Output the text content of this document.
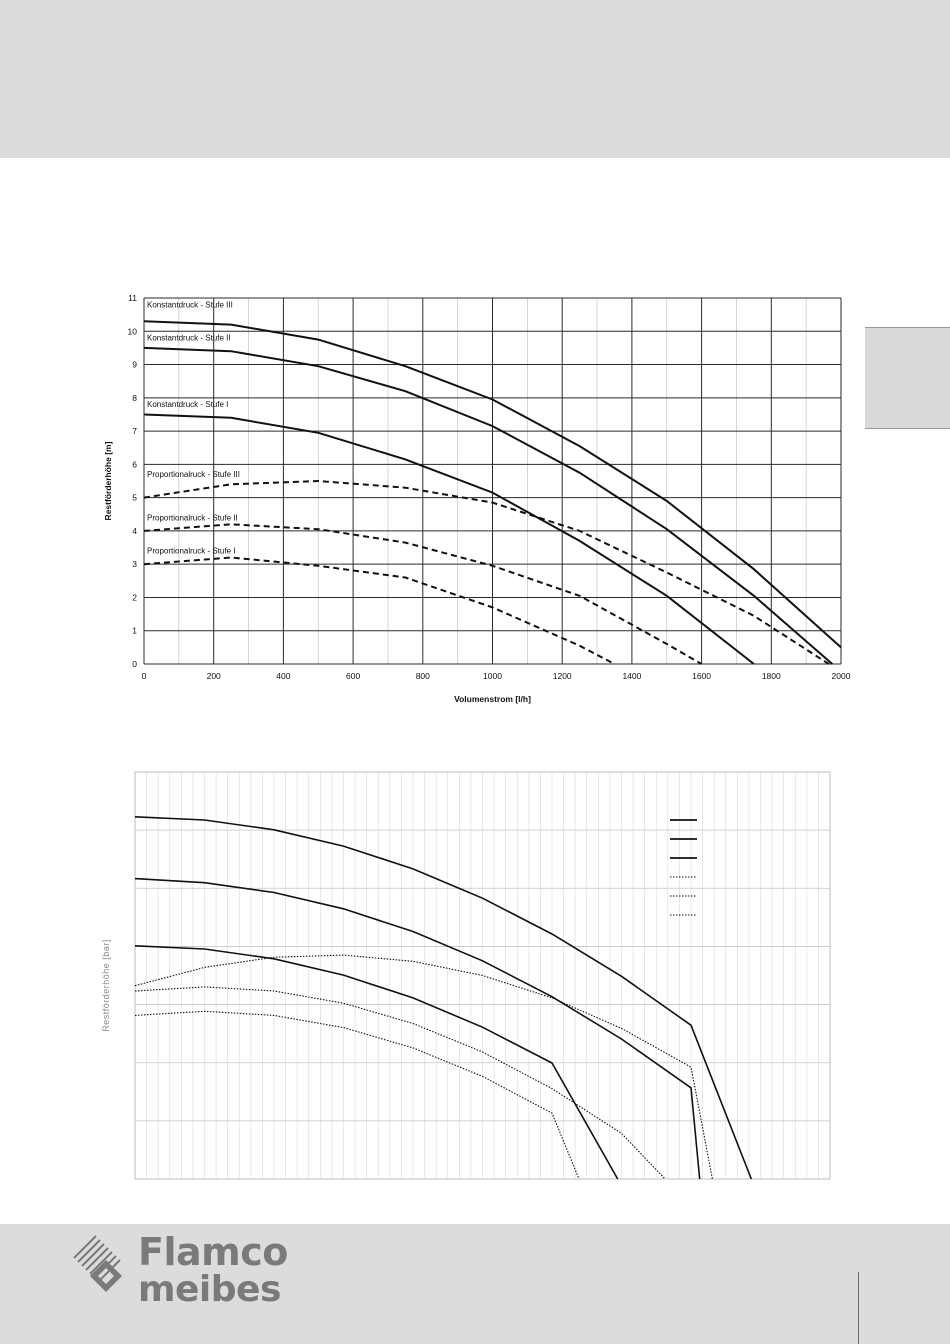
0	200	400	600	800	1000	1200	1400	1600	1800	2000
0
1
2
3
4
5
6
7
8
9
10
11
Volumenstrom [l/h]
Restförderhöhe [m]
Konstantdruck - Stufe III
Konstantdruck - Stufe II
Konstantdruck - Stufe I
Proportionalruck - Stufe III
Proportionalruck - Stufe II
Proportionalruck - Stufe I
Restförderhöhe [bar]
Flamco
meibes
